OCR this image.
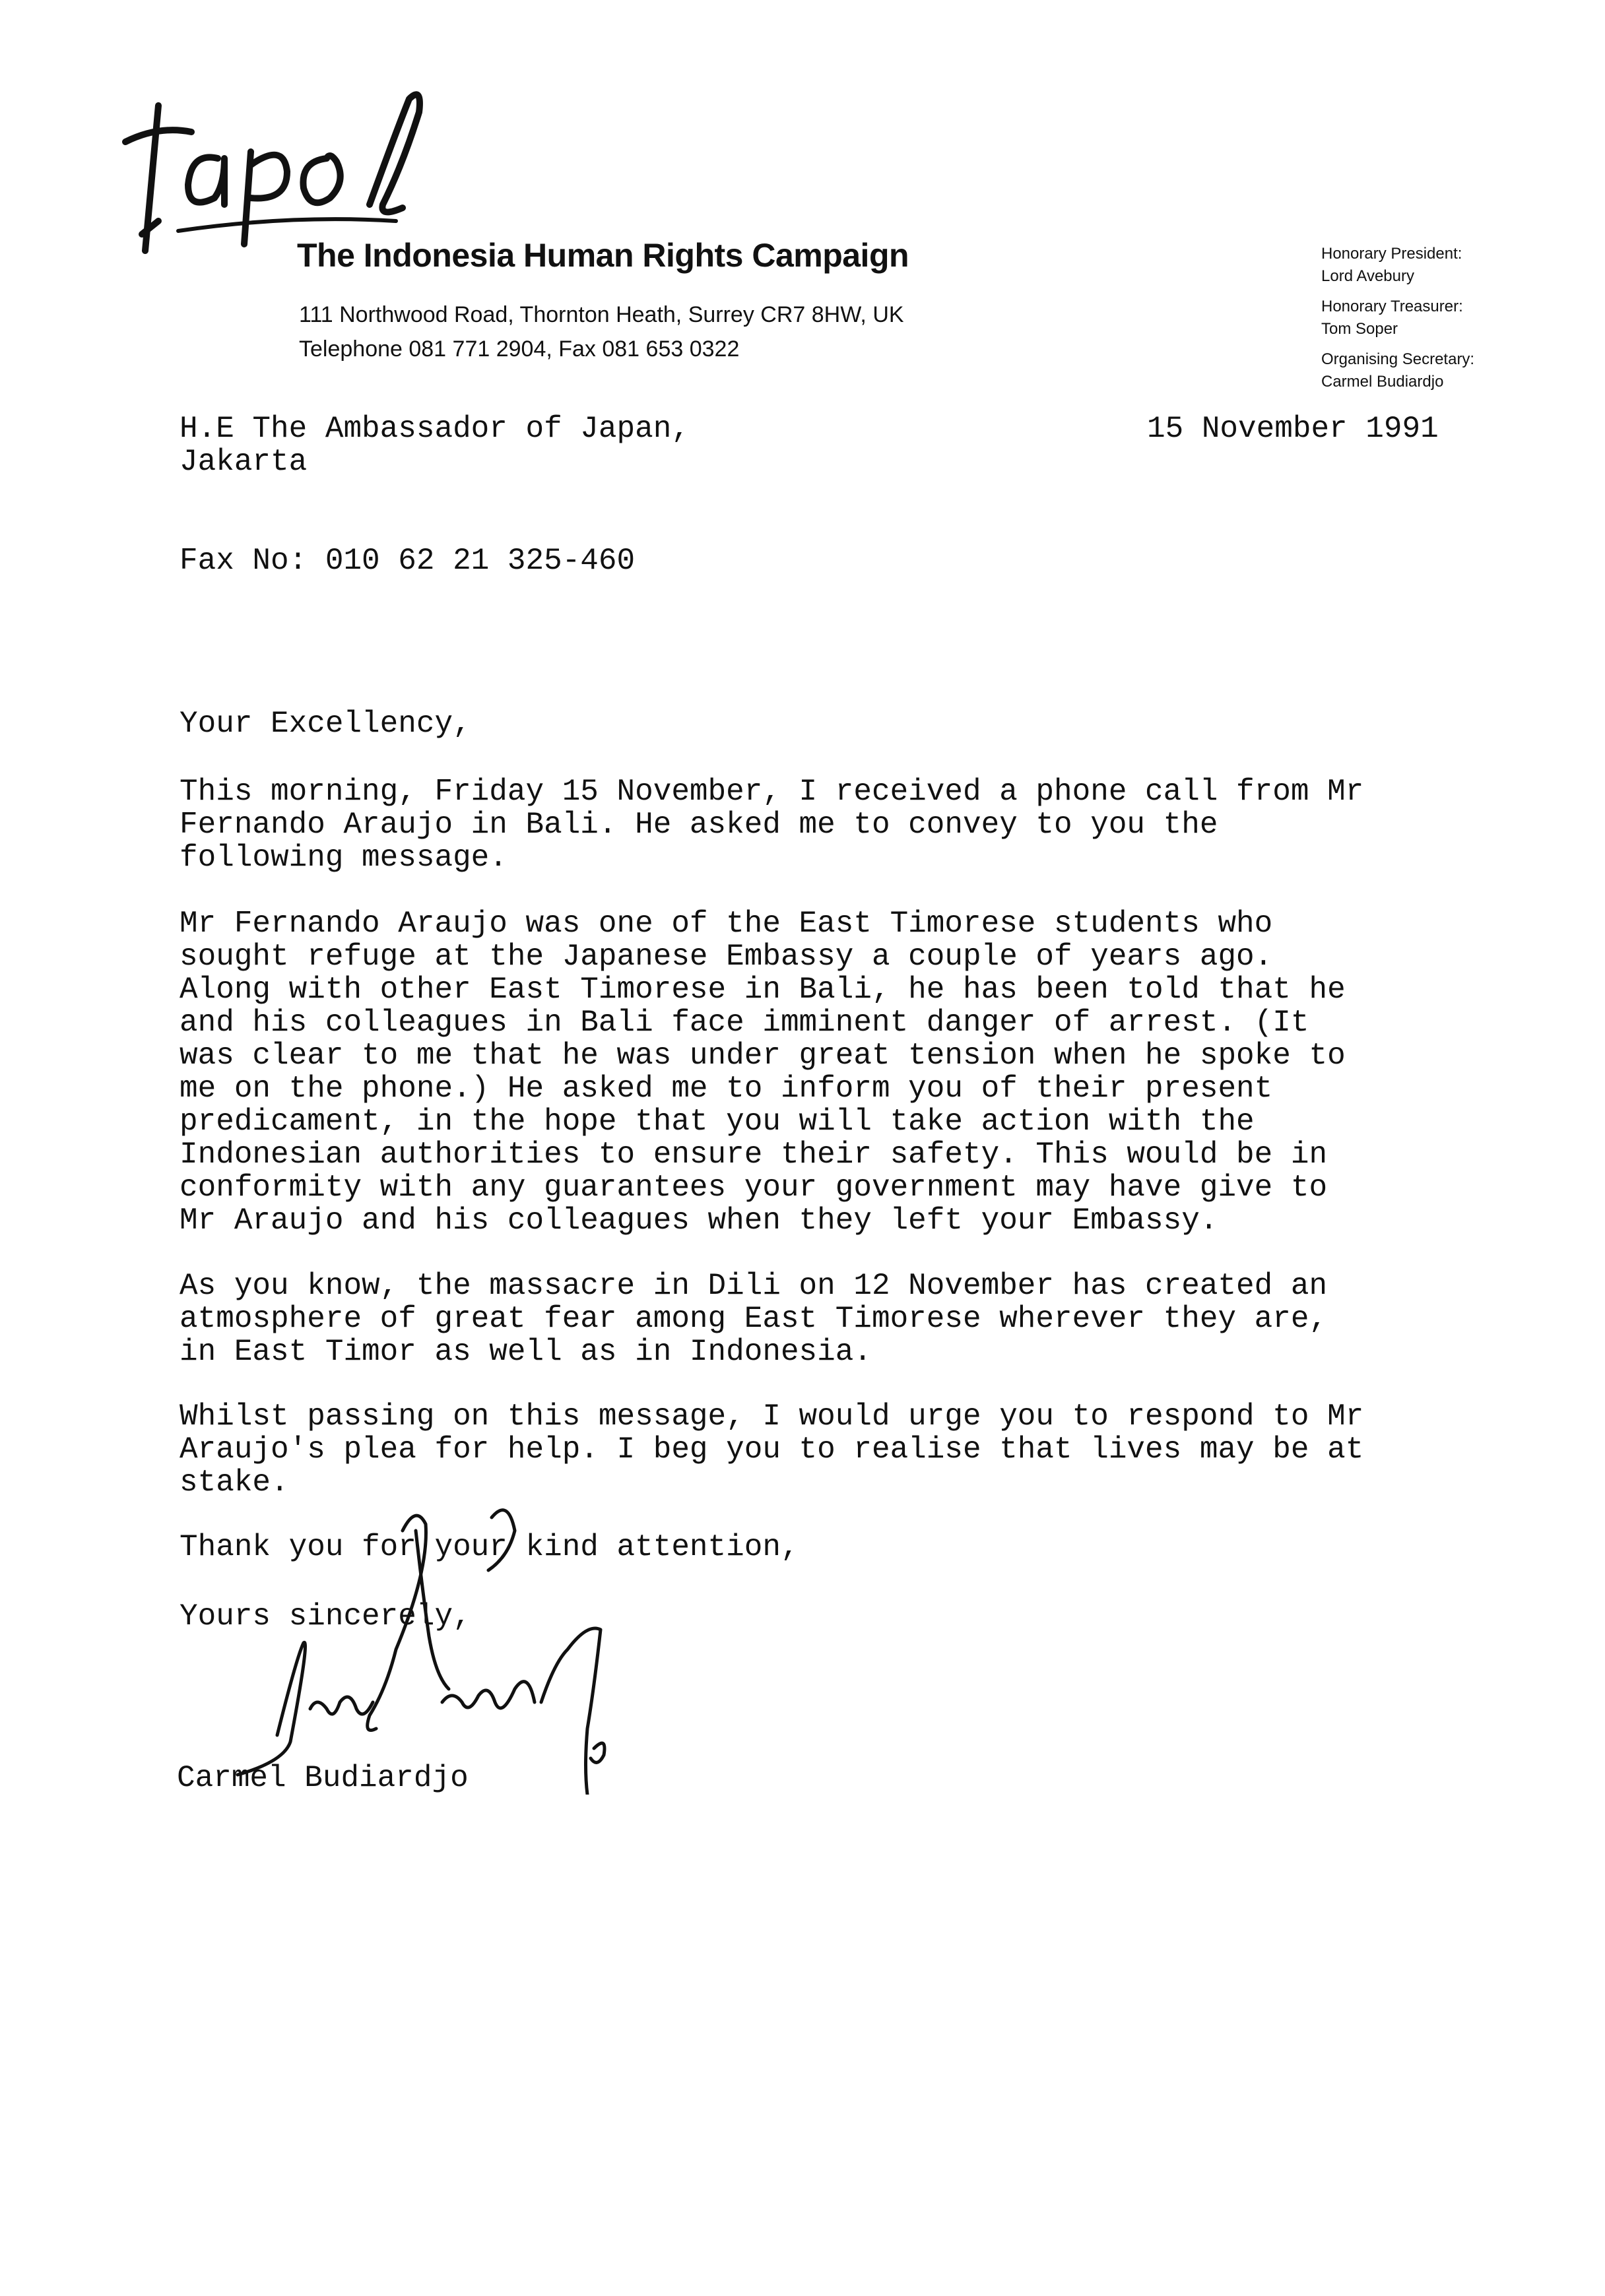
The Indonesia Human Rights Campaign
111 Northwood Road, Thornton Heath, Surrey CR7 8HW, UK
Telephone 081 771 2904, Fax 081 653 0322
Honorary President:
Lord Avebury
Honorary Treasurer:
Tom Soper
Organising Secretary:
Carmel Budiardjo
H.E The Ambassador of Japan,
Jakarta
15 November 1991
Fax No: 010 62 21 325-460
Your Excellency,
This morning, Friday 15 November, I received a phone call from Mr
Fernando Araujo in Bali. He asked me to convey to you the
following message.
Mr Fernando Araujo was one of the East Timorese students who
sought refuge at the Japanese Embassy a couple of years ago.
Along with other East Timorese in Bali, he has been told that he
and his colleagues in Bali face imminent danger of arrest. (It
was clear to me that he was under great tension when he spoke to
me on the phone.) He asked me to inform you of their present
predicament, in the hope that you will take action with the
Indonesian authorities to ensure their safety. This would be in
conformity with any guarantees your government may have give to
Mr Araujo and his colleagues when they left your Embassy.
As you know, the massacre in Dili on 12 November has created an
atmosphere of great fear among East Timorese wherever they are,
in East Timor as well as in Indonesia.
Whilst passing on this message, I would urge you to respond to Mr
Araujo's plea for help. I beg you to realise that lives may be at
stake.
Thank you for your kind attention,
Yours sincerely,
Carmel Budiardjo
